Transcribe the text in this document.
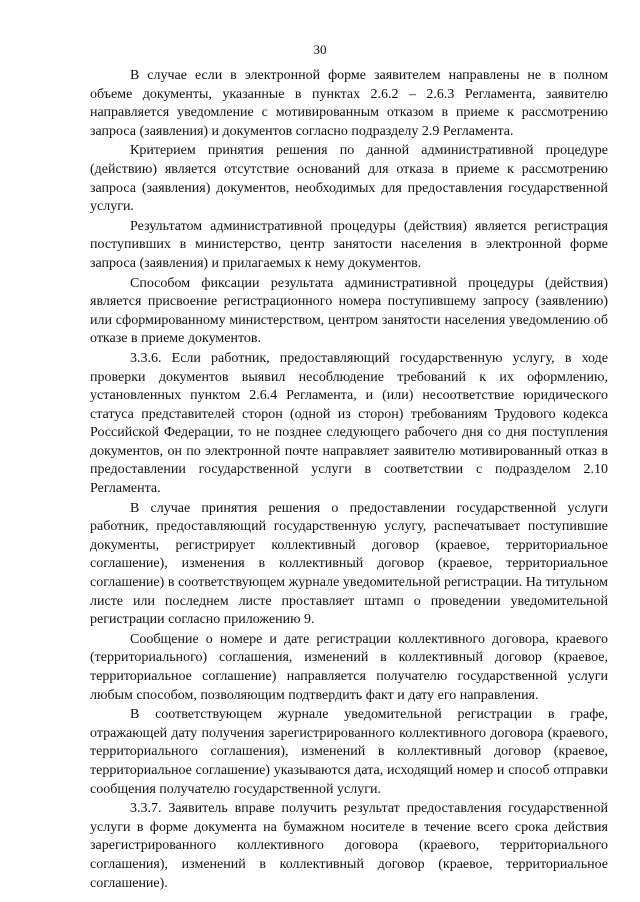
30

В случае если в электронной форме заявителем направлены не в полном объеме документы, указанные в пунктах 2.6.2 – 2.6.3 Регламента, заявителю направляется уведомление с мотивированным отказом в приеме к рассмотрению запроса (заявления) и документов согласно подразделу 2.9 Регламента.

Критерием принятия решения по данной административной процедуре (действию) является отсутствие оснований для отказа в приеме к рассмотрению запроса (заявления) документов, необходимых для предоставления государственной услуги.

Результатом административной процедуры (действия) является регистрация поступивших в министерство, центр занятости населения в электронной форме запроса (заявления) и прилагаемых к нему документов.

Способом фиксации результата административной процедуры (действия) является присвоение регистрационного номера поступившему запросу (заявлению) или сформированному министерством, центром занятости населения уведомлению об отказе в приеме документов.

3.3.6. Если работник, предоставляющий государственную услугу, в ходе проверки документов выявил несоблюдение требований к их оформлению, установленных пунктом 2.6.4 Регламента, и (или) несоответствие юридического статуса представителей сторон (одной из сторон) требованиям Трудового кодекса Российской Федерации, то не позднее следующего рабочего дня со дня поступления документов, он по электронной почте направляет заявителю мотивированный отказ в предоставлении государственной услуги в соответствии с подразделом 2.10 Регламента.

В случае принятия решения о предоставлении государственной услуги работник, предоставляющий государственную услугу, распечатывает поступившие документы, регистрирует коллективный договор (краевое, территориальное соглашение), изменения в коллективный договор (краевое, территориальное соглашение) в соответствующем журнале уведомительной регистрации. На титульном листе или последнем листе проставляет штамп о проведении уведомительной регистрации согласно приложению 9.

Сообщение о номере и дате регистрации коллективного договора, краевого (территориального) соглашения, изменений в коллективный договор (краевое, территориальное соглашение) направляется получателю государственной услуги любым способом, позволяющим подтвердить факт и дату его направления.

В соответствующем журнале уведомительной регистрации в графе, отражающей дату получения зарегистрированного коллективного договора (краевого, территориального соглашения), изменений в коллективный договор (краевое, территориальное соглашение) указываются дата, исходящий номер и способ отправки сообщения получателю государственной услуги.

3.3.7. Заявитель вправе получить результат предоставления государственной услуги в форме документа на бумажном носителе в течение всего срока действия зарегистрированного коллективного договора (краевого, территориального соглашения), изменений в коллективный договор (краевое, территориальное соглашение).
